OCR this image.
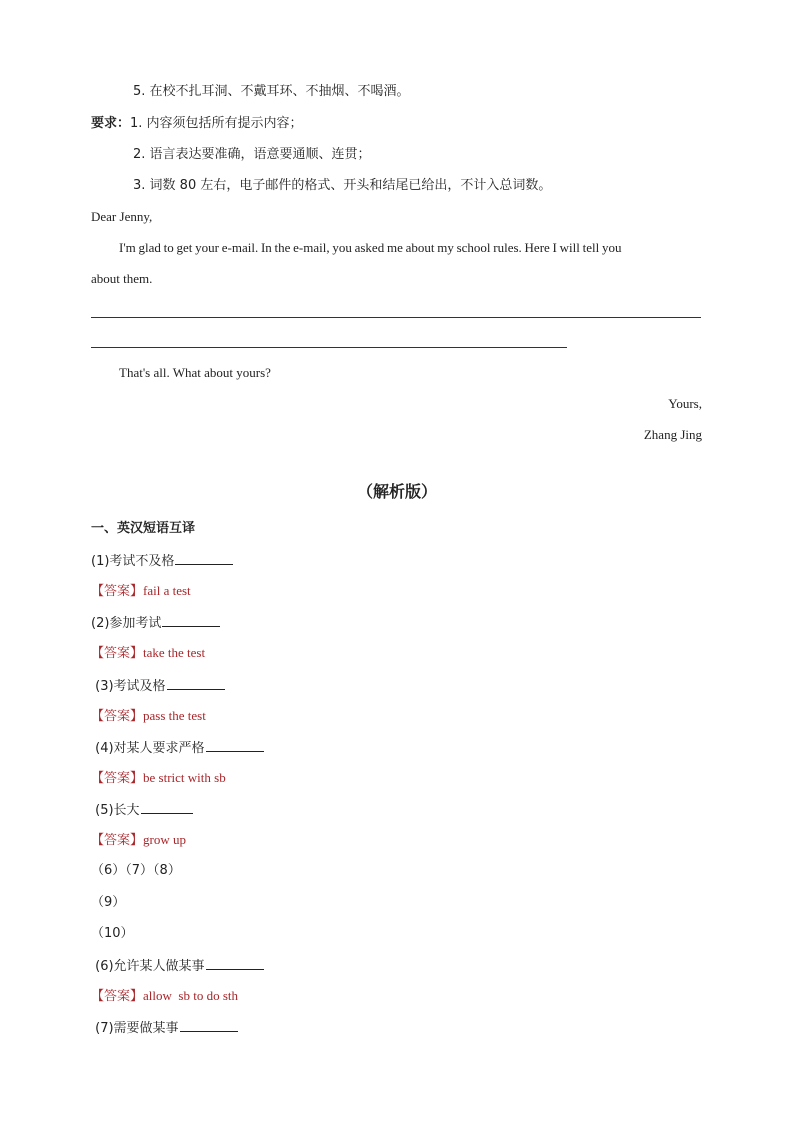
5. 在校不扎耳洞、不戴耳环、不抽烟、不喝酒。
要求：1. 内容须包括所有提示内容；
2. 语言表达要准确，语意要通顺、连贯；
3. 词数 80 左右，电子邮件的格式、开头和结尾已给出，不计入总词数。
Dear Jenny,
I'm glad to get your e-mail. In the e-mail, you asked me about my school rules. Here I will tell you
about them.
That's all. What about yours?
Yours,
Zhang Jing
（解析版）
一、英汉短语互译
(1)考试不及格
【答案】fail a test
(2)参加考试
【答案】take the test
(3)考试及格
【答案】pass the test
(4)对某人要求严格
【答案】be strict with sb
(5)长大
【答案】grow up
（6）（7）（8）
（9）
（10）
(6)允许某人做某事
【答案】allow  sb to do sth
(7)需要做某事
